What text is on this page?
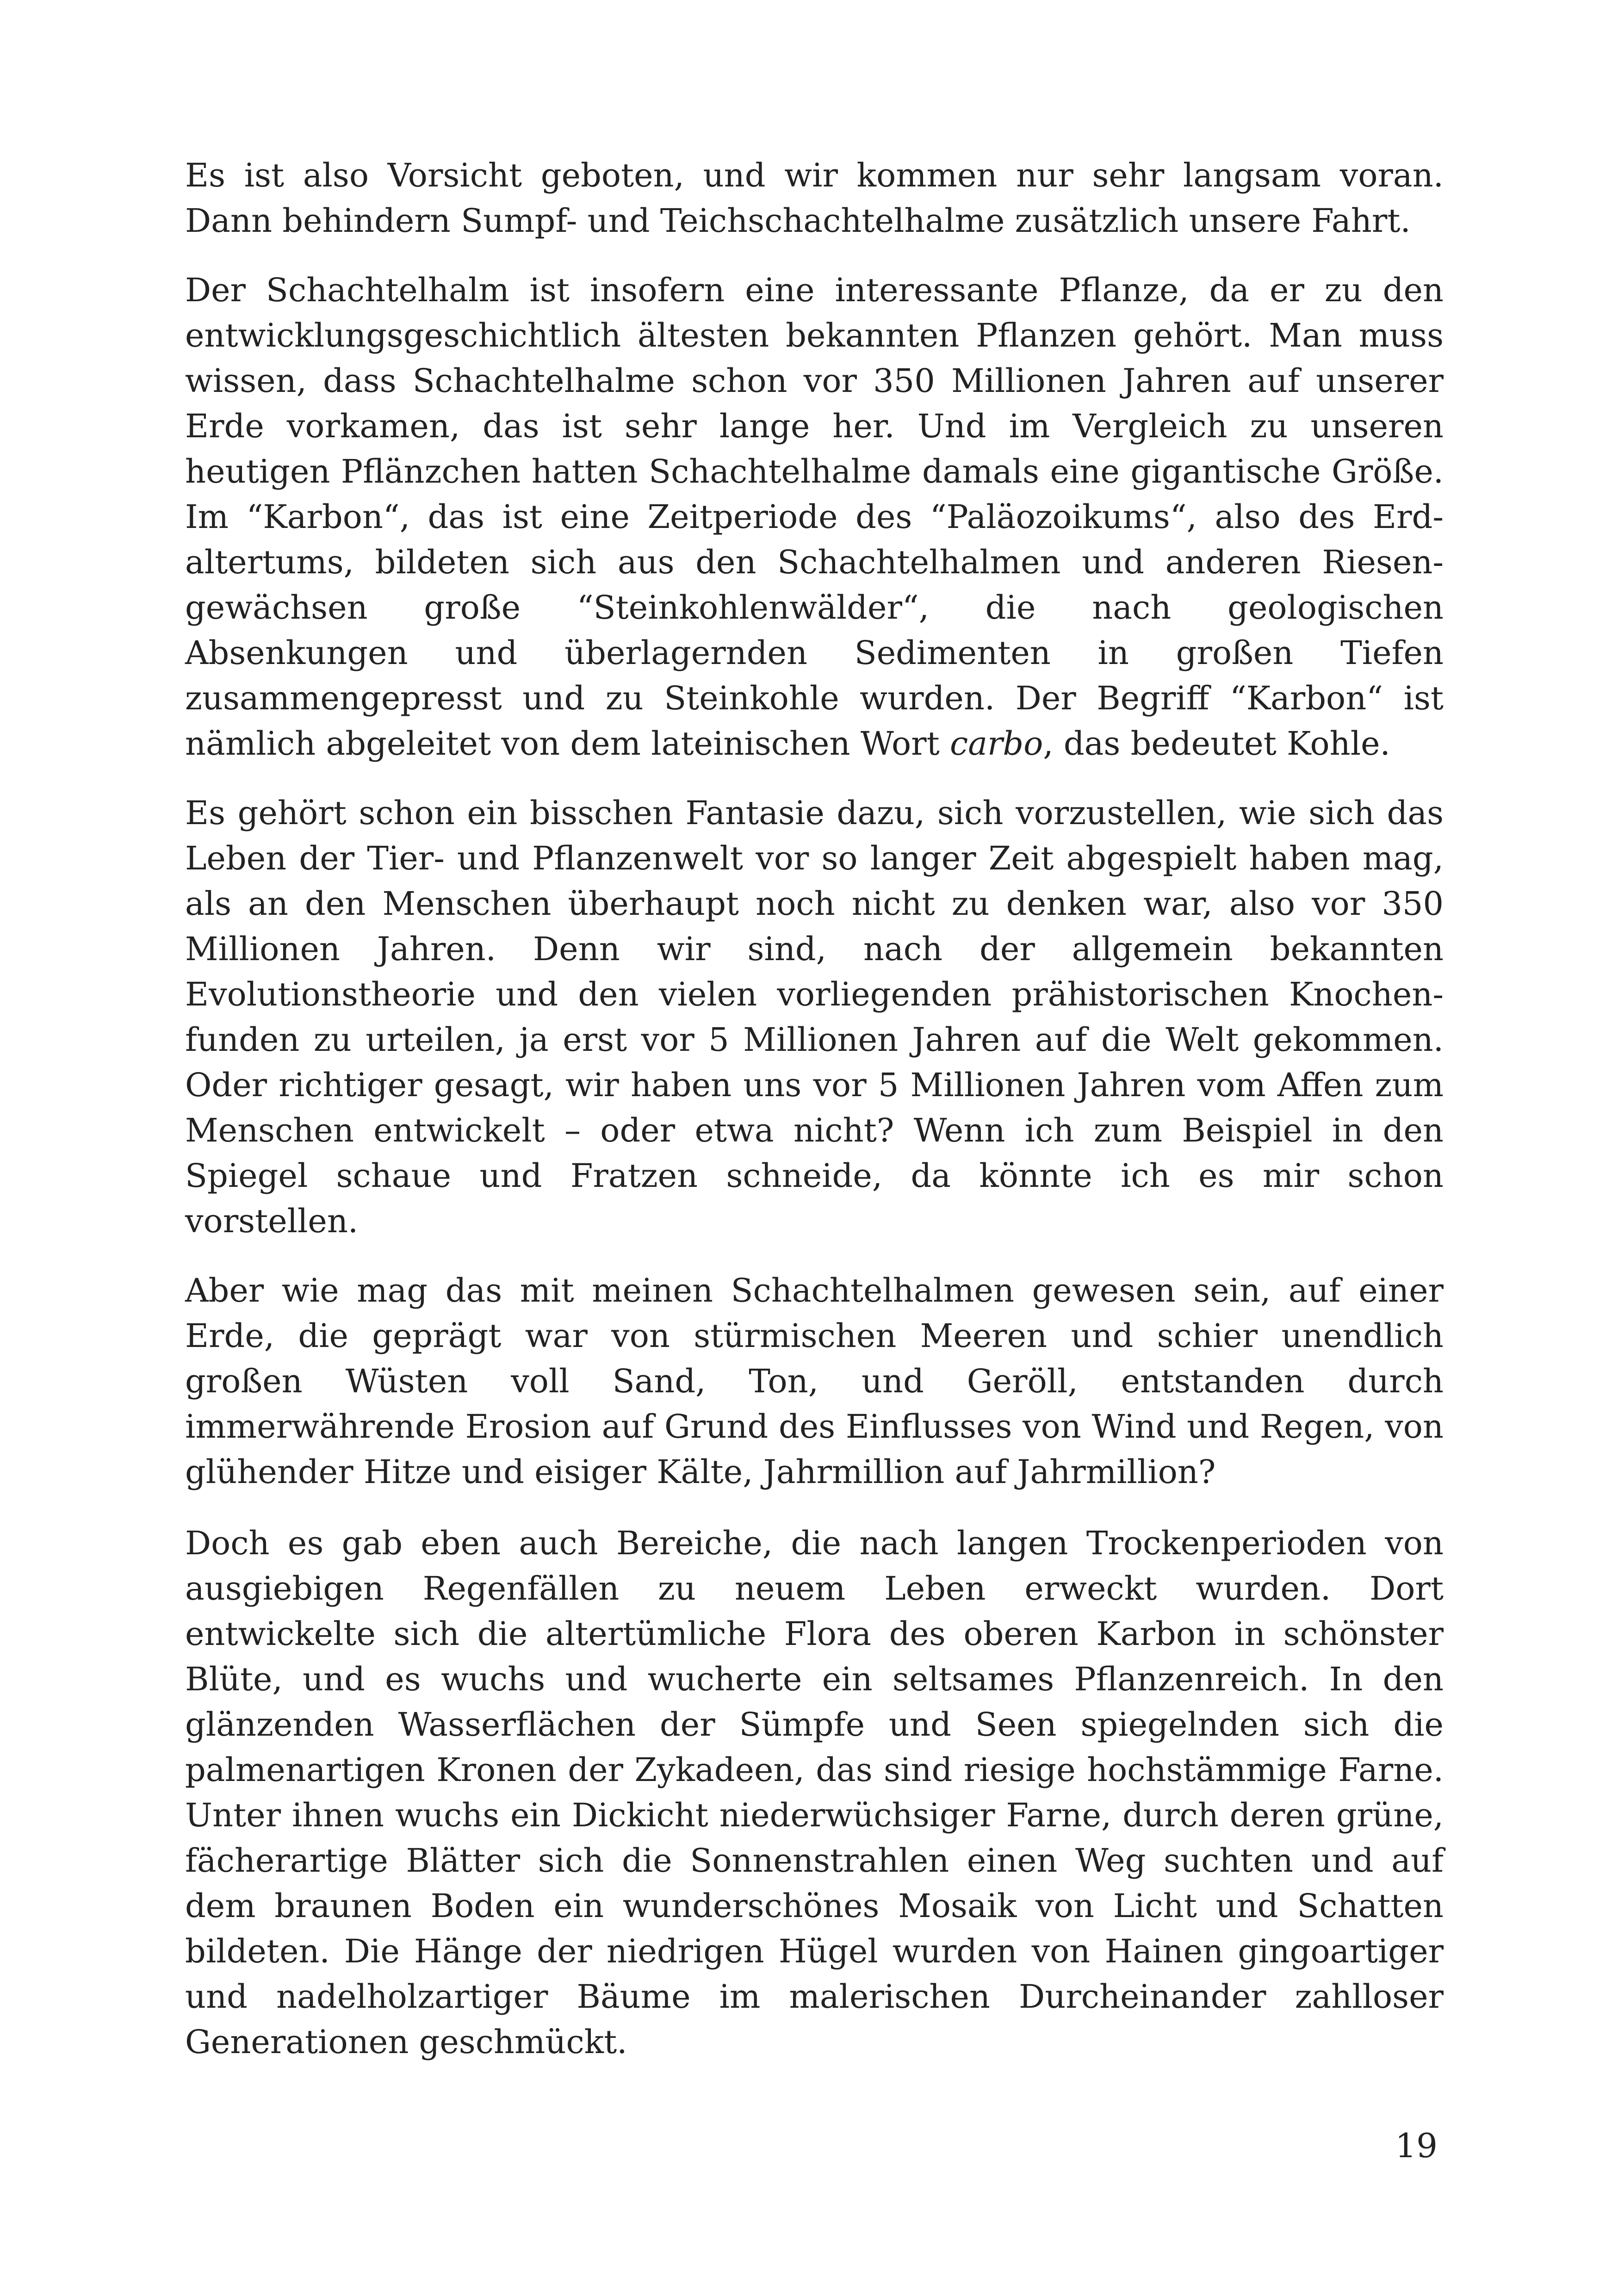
Es ist also Vorsicht geboten, und wir kommen nur sehr langsam voran. Dann behindern Sumpf- und Teichschachtelhalme zusätzlich unsere Fahrt.

Der Schachtelhalm ist insofern eine interessante Pflanze, da er zu den entwicklungsgeschichtlich ältesten bekannten Pflanzen gehört. Man muss wissen, dass Schachtelhalme schon vor 350 Millionen Jahren auf unserer Erde vorkamen, das ist sehr lange her. Und im Vergleich zu unseren heutigen Pflänzchen hatten Schachtelhalme damals eine gigantische Größe. Im “Karbon“, das ist eine Zeitperiode des “Paläozoikums“, also des Erdaltertums, bildeten sich aus den Schachtelhalmen und anderen Riesengewächsen große “Steinkohlenwälder“, die nach geologischen Absenkungen und überlagernden Sedimenten in großen Tiefen zusammengepresst und zu Steinkohle wurden. Der Begriff “Karbon“ ist nämlich abgeleitet von dem lateinischen Wort carbo, das bedeutet Kohle.

Es gehört schon ein bisschen Fantasie dazu, sich vorzustellen, wie sich das Leben der Tier- und Pflanzenwelt vor so langer Zeit abgespielt haben mag, als an den Menschen überhaupt noch nicht zu denken war, also vor 350 Millionen Jahren. Denn wir sind, nach der allgemein bekannten Evolutionstheorie und den vielen vorliegenden prähistorischen Knochenfunden zu urteilen, ja erst vor 5 Millionen Jahren auf die Welt gekommen. Oder richtiger gesagt, wir haben uns vor 5 Millionen Jahren vom Affen zum Menschen entwickelt – oder etwa nicht? Wenn ich zum Beispiel in den Spiegel schaue und Fratzen schneide, da könnte ich es mir schon vorstellen.

Aber wie mag das mit meinen Schachtelhalmen gewesen sein, auf einer Erde, die geprägt war von stürmischen Meeren und schier unendlich großen Wüsten voll Sand, Ton, und Geröll, entstanden durch immerwährende Erosion auf Grund des Einflusses von Wind und Regen, von glühender Hitze und eisiger Kälte, Jahrmillion auf Jahrmillion?

Doch es gab eben auch Bereiche, die nach langen Trockenperioden von ausgiebigen Regenfällen zu neuem Leben erweckt wurden. Dort entwickelte sich die altertümliche Flora des oberen Karbon in schönster Blüte, und es wuchs und wucherte ein seltsames Pflanzenreich. In den glänzenden Wasserflächen der Sümpfe und Seen spiegelnden sich die palmenartigen Kronen der Zykadeen, das sind riesige hochstämmige Farne. Unter ihnen wuchs ein Dickicht niederwüchsiger Farne, durch deren grüne, fächerartige Blätter sich die Sonnenstrahlen einen Weg suchten und auf dem braunen Boden ein wunderschönes Mosaik von Licht und Schatten bildeten. Die Hänge der niedrigen Hügel wurden von Hainen gingoartiger und nadelholzartiger Bäume im malerischen Durcheinander zahlloser Generationen geschmückt.

19
